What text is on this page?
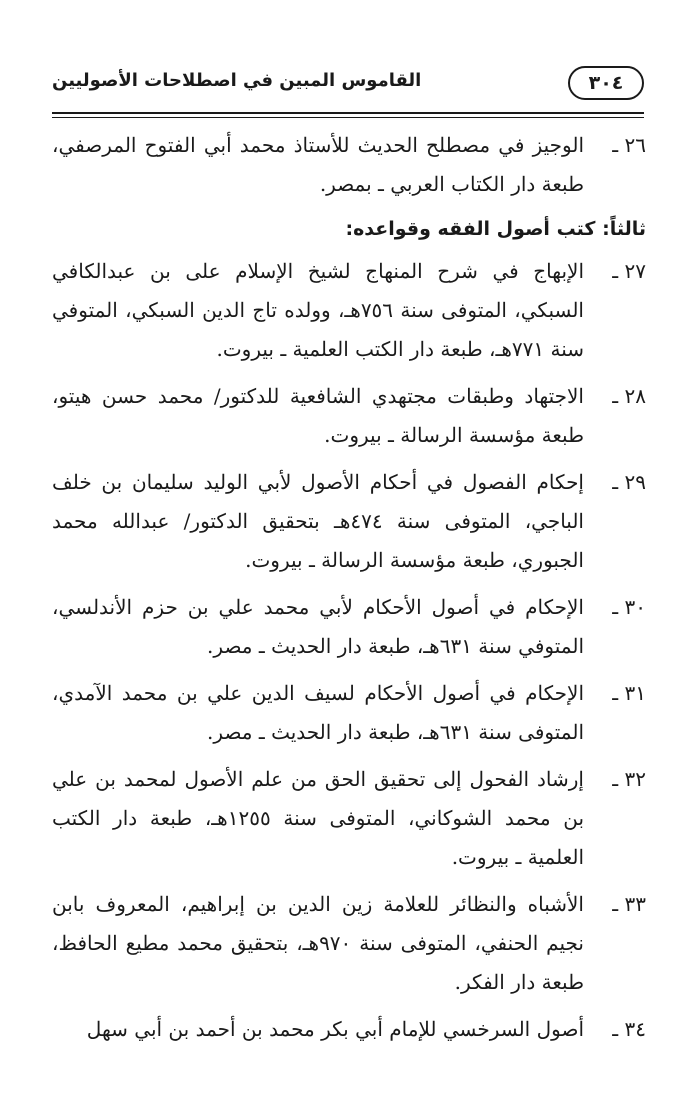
٣٠٤
القاموس المبين في اصطلاحات الأصوليين
٢٦ ـ
الوجيز في مصطلح الحديث للأستاذ محمد أبي الفتوح المرصفي، طبعة دار الكتاب العربي ـ بمصر.
ثالثاً: كتب أصول الفقه وقواعده:
٢٧ ـ
الإبهاج في شرح المنهاج لشيخ الإسلام على بن عبدالكافي السبكي، المتوفى سنة ٧٥٦هـ، وولده تاج الدين السبكي، المتوفي سنة ٧٧١هـ، طبعة دار الكتب العلمية ـ بيروت.
٢٨ ـ
الاجتهاد وطبقات مجتهدي الشافعية للدكتور/ محمد حسن هيتو، طبعة مؤسسة الرسالة ـ بيروت.
٢٩ ـ
إحكام الفصول في أحكام الأصول لأبي الوليد سليمان بن خلف الباجي، المتوفى سنة ٤٧٤هـ بتحقيق الدكتور/ عبدالله محمد الجبوري، طبعة مؤسسة الرسالة ـ بيروت.
٣٠ ـ
الإحكام في أصول الأحكام لأبي محمد علي بن حزم الأندلسي، المتوفي سنة ٦٣١هـ، طبعة دار الحديث ـ مصر.
٣١ ـ
الإحكام في أصول الأحكام لسيف الدين علي بن محمد الآمدي، المتوفى سنة ٦٣١هـ، طبعة دار الحديث ـ مصر.
٣٢ ـ
إرشاد الفحول إلى تحقيق الحق من علم الأصول لمحمد بن علي بن محمد الشوكاني، المتوفى سنة ١٢٥٥هـ، طبعة دار الكتب العلمية ـ بيروت.
٣٣ ـ
الأشباه والنظائر للعلامة زين الدين بن إبراهيم، المعروف بابن نجيم الحنفي، المتوفى سنة ٩٧٠هـ، بتحقيق محمد مطيع الحافظ، طبعة دار الفكر.
٣٤ ـ
أصول السرخسي للإمام أبي بكر محمد بن أحمد بن أبي سهل
